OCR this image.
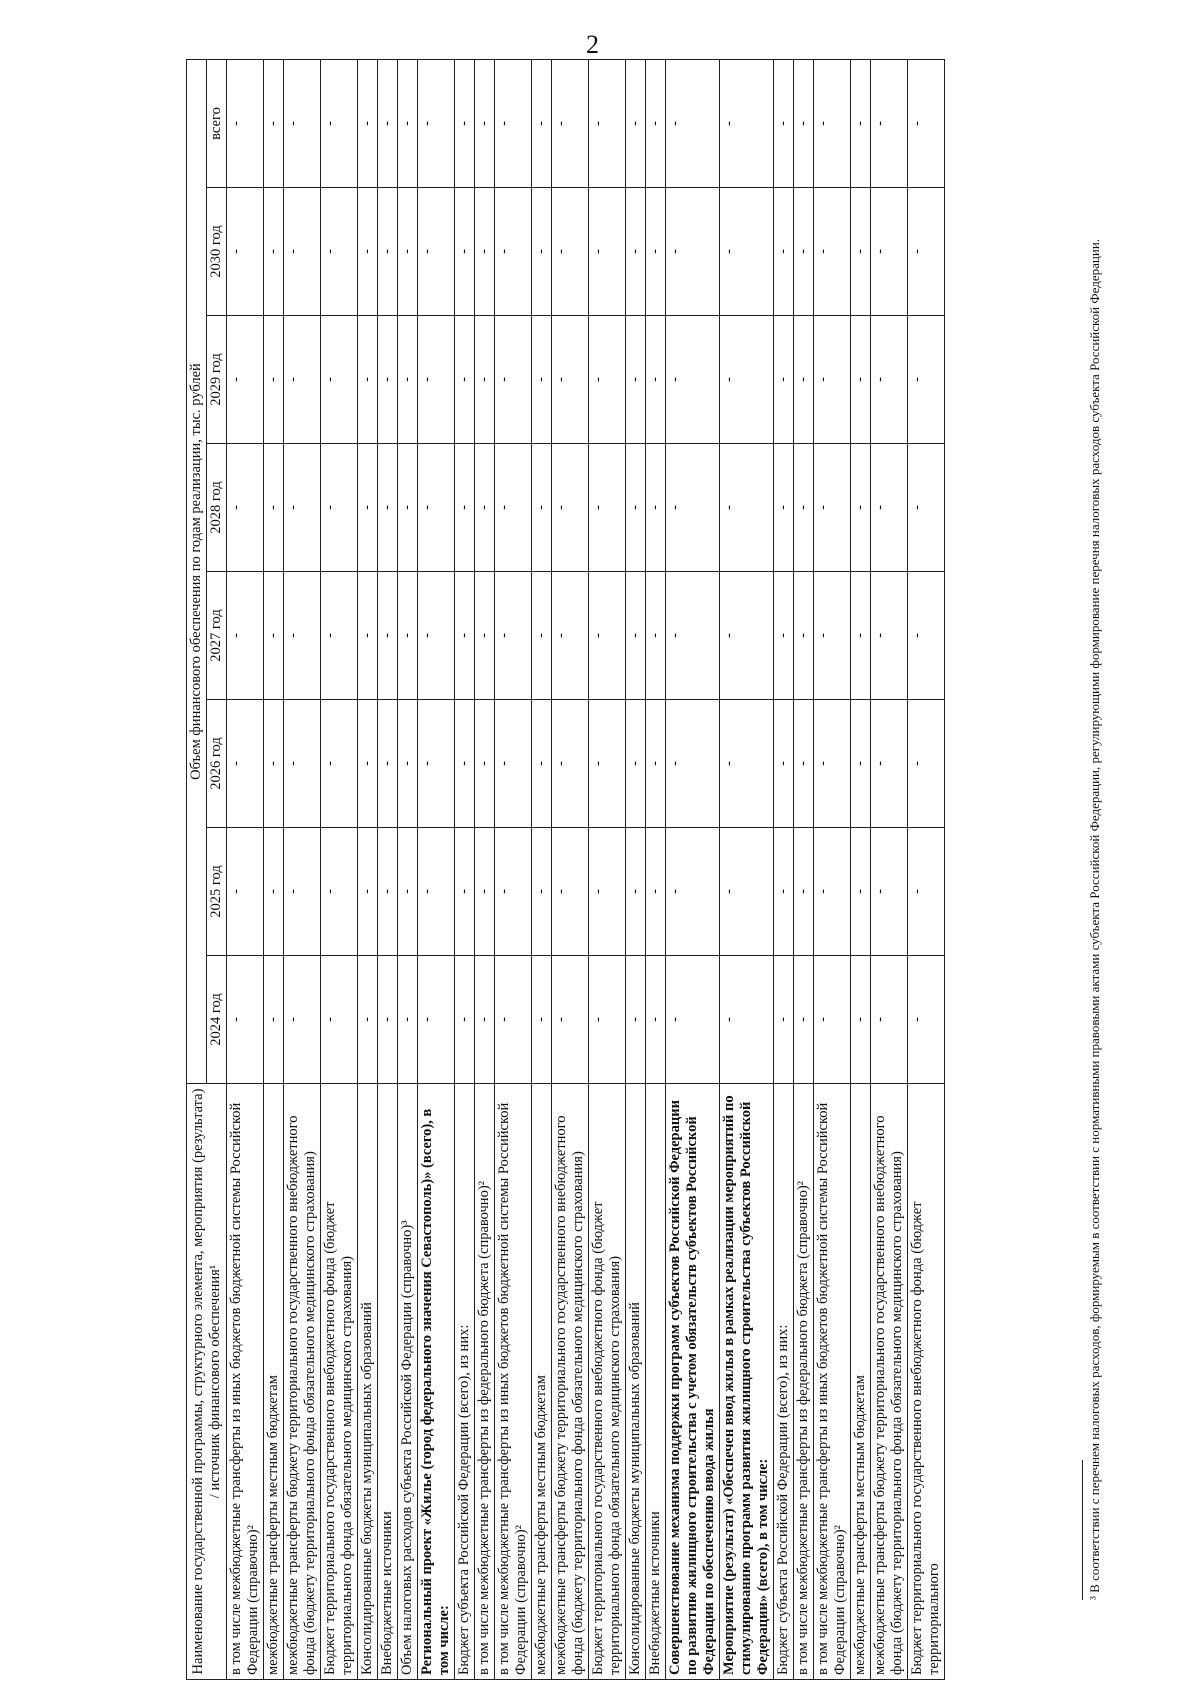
2
Наименование государственной программы, структурного элемента, мероприятия (результата) / источник финансового обеспечения¹	Объем финансового обеспечения по годам реализации, тыс. рублей							
	2024 год	2025 год	2026 год	2027 год	2028 год	2029 год	2030 год	всего
в том числе межбюджетные трансферты из иных бюджетов бюджетной системы Российской Федерации (справочно)²	-	-	-	-	-	-	-	-
межбюджетные трансферты местным бюджетам	-	-	-	-	-	-	-	-
межбюджетные трансферты бюджету территориального государственного внебюджетного фонда (бюджету территориального фонда обязательного медицинского страхования)	-	-	-	-	-	-	-	-
Бюджет территориального государственного внебюджетного фонда (бюджет территориального фонда обязательного медицинского страхования)	-	-	-	-	-	-	-	-
Консолидированные бюджеты муниципальных образований	-	-	-	-	-	-	-	-
Внебюджетные источники	-	-	-	-	-	-	-	-
Объем налоговых расходов субъекта Российской Федерации (справочно)³	-	-	-	-	-	-	-	-
Региональный проект «Жилье (город федерального значения Севастополь)» (всего), в том числе:	-	-	-	-	-	-	-	-
Бюджет субъекта Российской Федерации (всего), из них:	-	-	-	-	-	-	-	-
в том числе межбюджетные трансферты из федерального бюджета (справочно)²	-	-	-	-	-	-	-	-
в том числе межбюджетные трансферты из иных бюджетов бюджетной системы Российской Федерации (справочно)²	-	-	-	-	-	-	-	-
межбюджетные трансферты местным бюджетам	-	-	-	-	-	-	-	-
межбюджетные трансферты бюджету территориального государственного внебюджетного фонда (бюджету территориального фонда обязательного медицинского страхования)	-	-	-	-	-	-	-	-
Бюджет территориального государственного внебюджетного фонда (бюджет территориального фонда обязательного медицинского страхования)	-	-	-	-	-	-	-	-
Консолидированные бюджеты муниципальных образований	-	-	-	-	-	-	-	-
Внебюджетные источники	-	-	-	-	-	-	-	-
Совершенствование механизма поддержки программ субъектов Российской Федерации по развитию жилищного строительства с учетом обязательств субъектов Российской Федерации по обеспечению ввода жилья	-	-	-	-	-	-	-	-
Мероприятие (результат) «Обеспечен ввод жилья в рамках реализации мероприятий по стимулированию программ развития жилищного строительства субъектов Российской Федерации» (всего), в том числе:	-	-	-	-	-	-	-	-
Бюджет субъекта Российской Федерации (всего), из них:	-	-	-	-	-	-	-	-
в том числе межбюджетные трансферты из федерального бюджета (справочно)²	-	-	-	-	-	-	-	-
в том числе межбюджетные трансферты из иных бюджетов бюджетной системы Российской Федерации (справочно)²	-	-	-	-	-	-	-	-
межбюджетные трансферты местным бюджетам	-	-	-	-	-	-	-	-
межбюджетные трансферты бюджету территориального государственного внебюджетного фонда (бюджету территориального фонда обязательного медицинского страхования)	-	-	-	-	-	-	-	-
Бюджет территориального государственного внебюджетного фонда (бюджет территориального	-	-	-	-	-	-	-	-
³ В соответствии с перечнем налоговых расходов, формируемым в соответствии с нормативными правовыми актами субъекта Российской Федерации, регулирующими формирование перечня налоговых расходов субъекта Российской Федерации.
